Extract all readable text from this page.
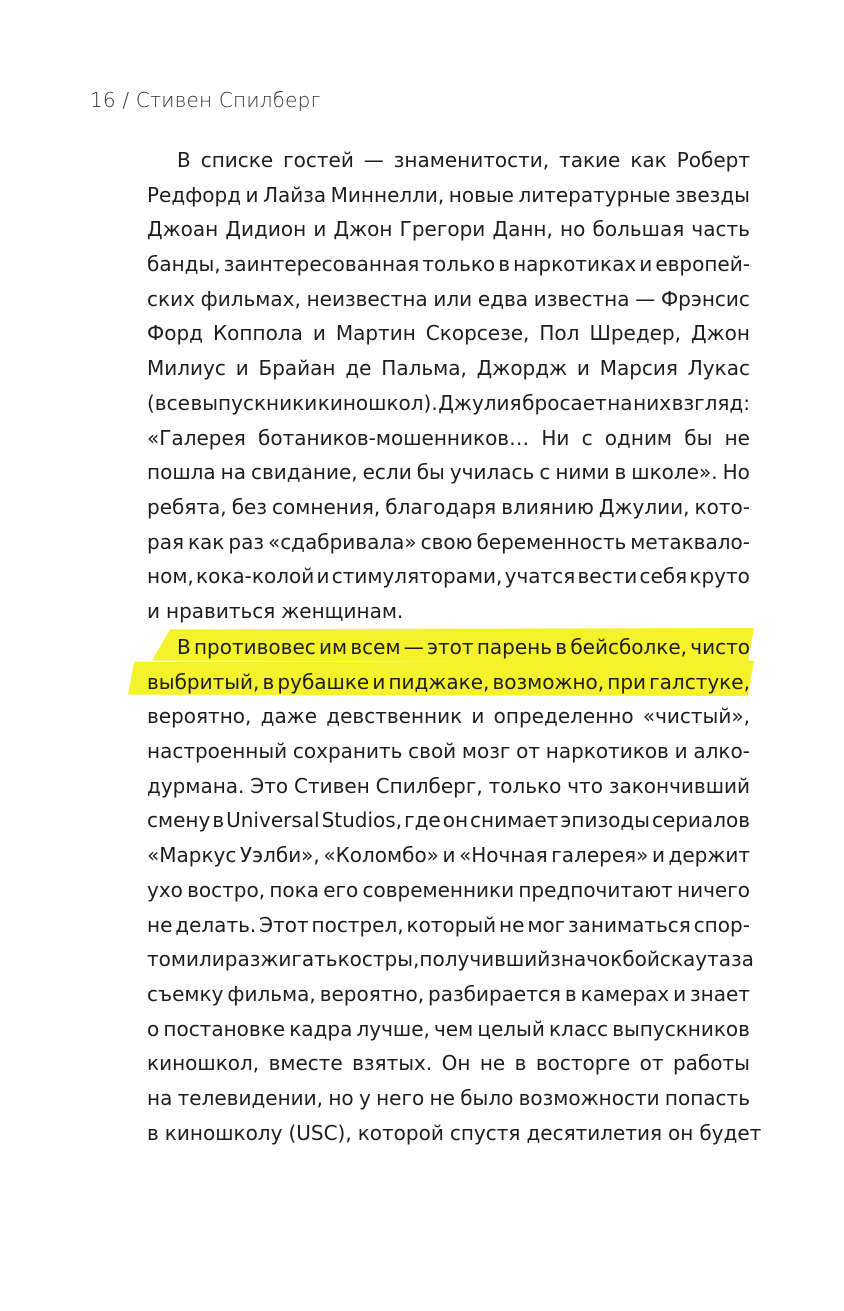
16 / Стивен Спилберг
В списке гостей — знаменитости, такие как Роберт
Редфорд и Лайза Миннелли, новые литературные звезды
Джоан Дидион и Джон Грегори Данн, но большая часть
банды, заинтересованная только в наркотиках и европей-
ских фильмах, неизвестна или едва известна — Фрэнсис
Форд Коппола и Мартин Скорсезе, Пол Шредер, Джон
Милиус и Брайан де Пальма, Джордж и Марсия Лукас
(все выпускники киношкол). Джулия бросает на них взгляд:
«Галерея ботаников-мошенников… Ни с одним бы не
пошла на свидание, если бы училась с ними в школе». Но
ребята, без сомнения, благодаря влиянию Джулии, кото-
рая как раз «сдабривала» свою беременность метаквало-
ном, кока-колой и стимуляторами, учатся вести себя круто
и нравиться женщинам.
В противовес им всем — этот парень в бейсболке, чисто
выбритый, в рубашке и пиджаке, возможно, при галстуке,
вероятно, даже девственник и определенно «чистый»,
настроенный сохранить свой мозг от наркотиков и алко-
дурмана. Это Стивен Спилберг, только что закончивший
смену в Universal Studios, где он снимает эпизоды сериалов
«Маркус Уэлби», «Коломбо» и «Ночная галерея» и держит
ухо востро, пока его современники предпочитают ничего
не делать. Этот пострел, который не мог заниматься спор-
том или разжигать костры, получивший значок бойскаута за
съемку фильма, вероятно, разбирается в камерах и знает
о постановке кадра лучше, чем целый класс выпускников
киношкол, вместе взятых. Он не в восторге от работы
на телевидении, но у него не было возможности попасть
в киношколу (USC), которой спустя десятилетия он будет
